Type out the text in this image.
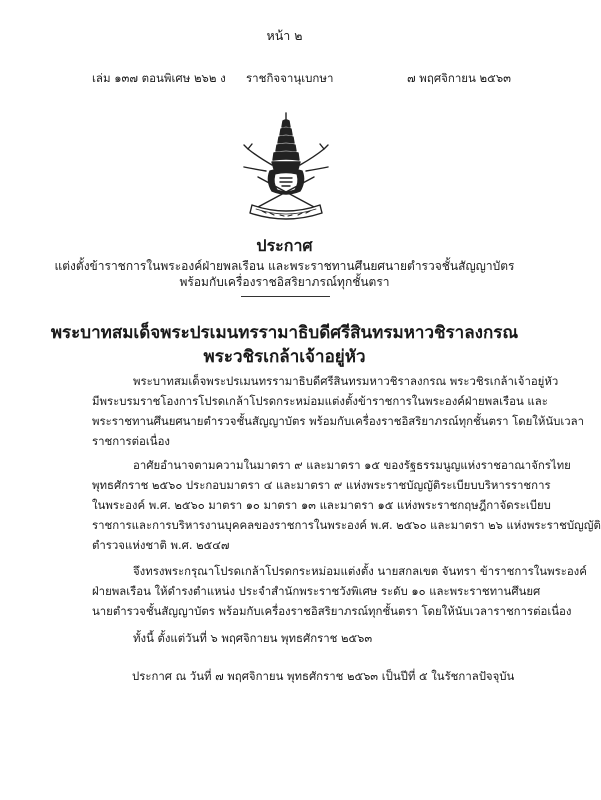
หน้า ๒
เล่ม ๑๓๗ ตอนพิเศษ ๒๖๒ ง ราชกิจจานุเบกษา	๗ พฤศจิกายน ๒๕๖๓
ประกาศ
แต่งตั้งข้าราชการในพระองค์ฝ่ายพลเรือน และพระราชทานศึนยศนายตำรวจชั้นสัญญาบัตร
พร้อมกับเครื่องราชอิสริยาภรณ์ทุกชั้นตรา
พระบาทสมเด็จพระปรเมนทรรามาธิบดีศรีสินทรมหาวชิราลงกรณ
พระวชิรเกล้าเจ้าอยู่หัว
พระบาทสมเด็จพระปรเมนทรรามาธิบดีศรีสินทรมหาวชิราลงกรณ พระวชิรเกล้าเจ้าอยู่หัว
มีพระบรมราชโองการโปรดเกล้าโปรดกระหม่อมแต่งตั้งข้าราชการในพระองค์ฝ่ายพลเรือน และ
พระราชทานศึนยศนายตำรวจชั้นสัญญาบัตร พร้อมกับเครื่องราชอิสริยาภรณ์ทุกชั้นตรา โดยให้นับเวลา
ราชการต่อเนื่อง
อาศัยอำนาจตามความในมาตรา ๙ และมาตรา ๑๕ ของรัฐธรรมนูญแห่งราชอาณาจักรไทย
พุทธศักราช ๒๕๖๐ ประกอบมาตรา ๔ และมาตรา ๙ แห่งพระราชบัญญัติระเบียบบริหารราชการ
ในพระองค์ พ.ศ. ๒๕๖๐ มาตรา ๑๐ มาตรา ๑๓ และมาตรา ๑๕ แห่งพระราชกฤษฎีกาจัดระเบียบ
ราชการและการบริหารงานบุคคลของราชการในพระองค์ พ.ศ. ๒๕๖๐ และมาตรา ๒๖ แห่งพระราชบัญญัติ
ตำรวจแห่งชาติ พ.ศ. ๒๕๔๗
จึงทรงพระกรุณาโปรดเกล้าโปรดกระหม่อมแต่งตั้ง นายสกลเขต จันทรา ข้าราชการในพระองค์
ฝ่ายพลเรือน ให้ดำรงตำแหน่ง ประจำสำนักพระราชวังพิเศษ ระดับ ๑๐ และพระราชทานศึนยศ
นายตำรวจชั้นสัญญาบัตร พร้อมกับเครื่องราชอิสริยาภรณ์ทุกชั้นตรา โดยให้นับเวลาราชการต่อเนื่อง
ทั้งนี้ ตั้งแต่วันที่ ๖ พฤศจิกายน พุทธศักราช ๒๕๖๓
ประกาศ ณ วันที่ ๗ พฤศจิกายน พุทธศักราช ๒๕๖๓ เป็นปีที่ ๕ ในรัชกาลปัจจุบัน
